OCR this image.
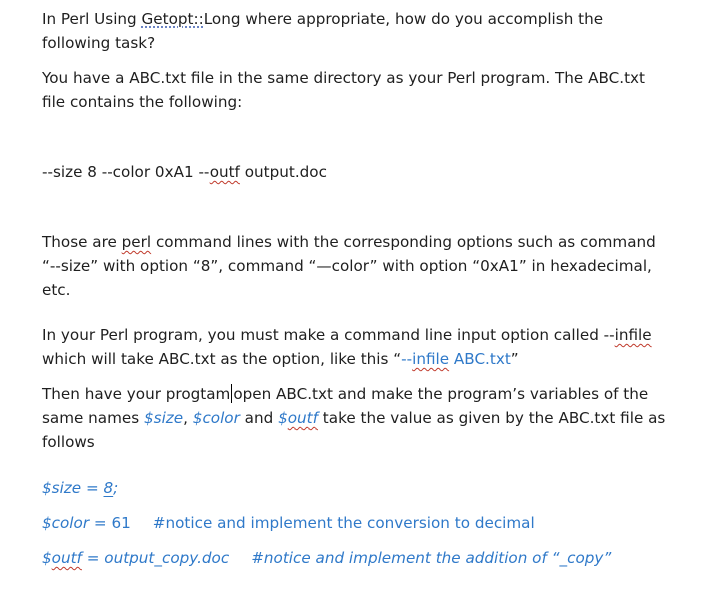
In Perl Using Getopt::Long where appropriate, how do you accomplish the following task?

You have a ABC.txt file in the same directory as your Perl program. The ABC.txt file contains the following:

--size 8 --color 0xA1 --outf output.doc

Those are perl command lines with the corresponding options such as command “--size” with option “8”, command “—color” with option “0xA1” in hexadecimal, etc.

In your Perl program, you must make a command line input option called --infile which will take ABC.txt as the option, like this “--infile ABC.txt”

Then have your progtam open ABC.txt and make the program’s variables of the same names $size, $color and $outf take the value as given by the ABC.txt file as follows

$size = 8;

$color = 61 #notice and implement the conversion to decimal

$outf = output_copy.doc #notice and implement the addition of “_copy”
